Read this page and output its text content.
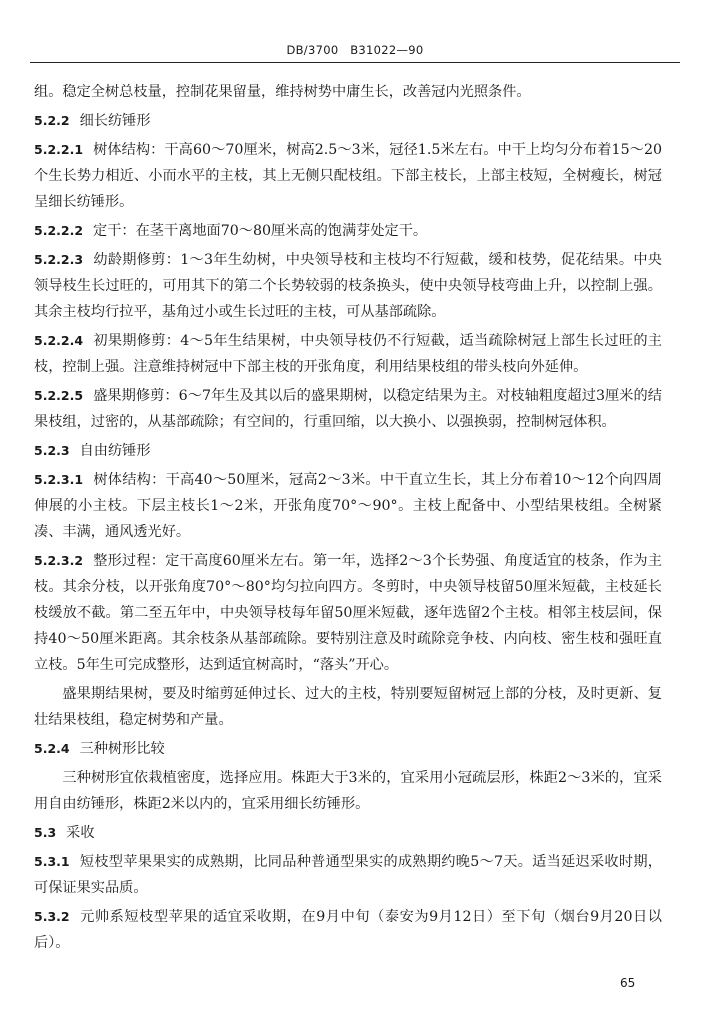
DB/3700　B31022—90

组。稳定全树总枝量，控制花果留量，维持树势中庸生长，改善冠内光照条件。

5.2.2 细长纺锤形

5.2.2.1 树体结构：干高60～70厘米，树高2.5～3米，冠径1.5米左右。中干上均匀分布着15～20个生长势力相近、小而水平的主枝，其上无侧只配枝组。下部主枝长，上部主枝短，全树瘦长，树冠呈细长纺锤形。

5.2.2.2 定干：在茎干离地面70～80厘米高的饱满芽处定干。

5.2.2.3 幼龄期修剪：1～3年生幼树，中央领导枝和主枝均不行短截，缓和枝势，促花结果。中央领导枝生长过旺的，可用其下的第二个长势较弱的枝条换头，使中央领导枝弯曲上升，以控制上强。其余主枝均行拉平，基角过小或生长过旺的主枝，可从基部疏除。

5.2.2.4 初果期修剪：4～5年生结果树，中央领导枝仍不行短截，适当疏除树冠上部生长过旺的主枝，控制上强。注意维持树冠中下部主枝的开张角度，利用结果枝组的带头枝向外延伸。

5.2.2.5 盛果期修剪：6～7年生及其以后的盛果期树，以稳定结果为主。对枝轴粗度超过3厘米的结果枝组，过密的，从基部疏除；有空间的，行重回缩，以大换小、以强换弱，控制树冠体积。

5.2.3 自由纺锤形

5.2.3.1 树体结构：干高40～50厘米，冠高2～3米。中干直立生长，其上分布着10～12个向四周伸展的小主枝。下层主枝长1～2米，开张角度70°～90°。主枝上配备中、小型结果枝组。全树紧凑、丰满，通风透光好。

5.2.3.2 整形过程：定干高度60厘米左右。第一年，选择2～3个长势强、角度适宜的枝条，作为主枝。其余分枝，以开张角度70°～80°均匀拉向四方。冬剪时，中央领导枝留50厘米短截，主枝延长枝缓放不截。第二至五年中，中央领导枝每年留50厘米短截，逐年选留2个主枝。相邻主枝层间，保持40～50厘米距离。其余枝条从基部疏除。要特别注意及时疏除竞争枝、内向枝、密生枝和强旺直立枝。5年生可完成整形，达到适宜树高时，“落头”开心。

盛果期结果树，要及时缩剪延伸过长、过大的主枝，特别要短留树冠上部的分枝，及时更新、复壮结果枝组，稳定树势和产量。

5.2.4 三种树形比较

三种树形宜依栽植密度，选择应用。株距大于3米的，宜采用小冠疏层形，株距2～3米的，宜采用自由纺锤形，株距2米以内的，宜采用细长纺锤形。

5.3 采收

5.3.1 短枝型苹果果实的成熟期，比同品种普通型果实的成熟期约晚5～7天。适当延迟采收时期，可保证果实品质。

5.3.2 元帅系短枝型苹果的适宜采收期，在9月中旬（泰安为9月12日）至下旬（烟台9月20日以后）。

65
